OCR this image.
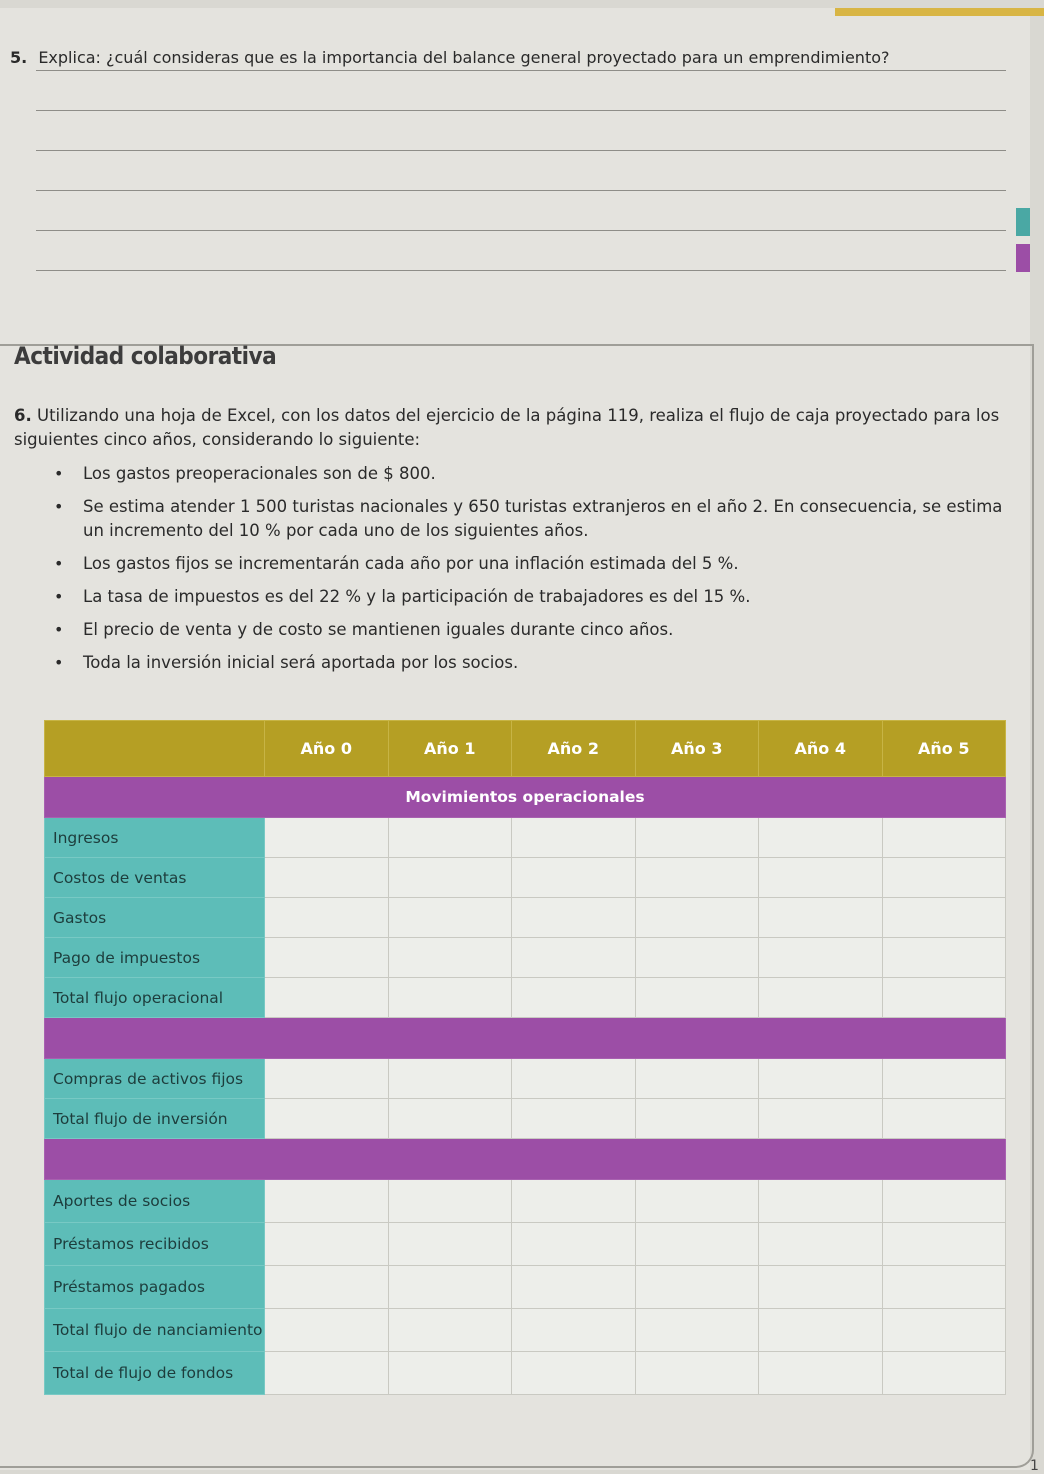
5. Explica: ¿cuál consideras que es la importancia del balance general proyectado para un emprendimiento?
Actividad colaborativa
6. Utilizando una hoja de Excel, con los datos del ejercicio de la página 119, realiza el flujo de caja proyectado para los siguientes cinco años, considerando lo siguiente:
• Los gastos preoperacionales son de $ 800.
• Se estima atender 1 500 turistas nacionales y 650 turistas extranjeros en el año 2. En consecuencia, se estima un incremento del 10 % por cada uno de los siguientes años.
• Los gastos fijos se incrementarán cada año por una inflación estimada del 5 %.
• La tasa de impuestos es del 22 % y la participación de trabajadores es del 15 %.
• El precio de venta y de costo se mantienen iguales durante cinco años.
• Toda la inversión inicial será aportada por los socios.
	Año 0	Año 1	Año 2	Año 3	Año 4	Año 5
Movimientos operacionales						
Ingresos						
Costos de ventas						
Gastos						
Pago de impuestos						
Total flujo operacional						

Compras de activos fijos						
Total flujo de inversión						

Aportes de socios						
Préstamos recibidos						
Préstamos pagados						
Total flujo de nanciamiento						
Total de flujo de fondos						
1
